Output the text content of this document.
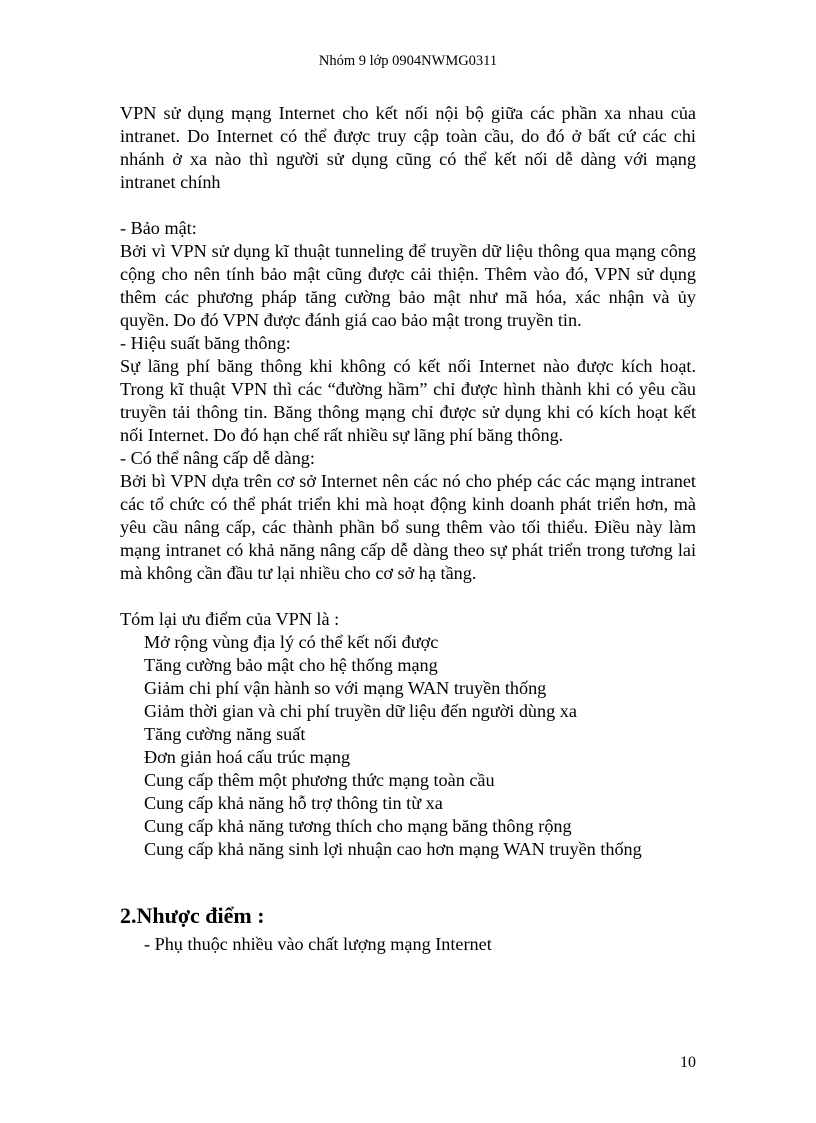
Nhóm 9 lớp 0904NWMG0311

VPN sử dụng mạng Internet cho kết nối nội bộ giữa các phần xa nhau của intranet. Do Internet có thể được truy cập toàn cầu, do đó ở bất cứ các chi nhánh ở xa nào thì người sử dụng cũng có thể kết nối dễ dàng với mạng intranet chính

- Bảo mật:

Bởi vì VPN sử dụng kĩ thuật tunneling để truyền dữ liệu thông qua mạng công cộng cho nên tính bảo mật cũng được cải thiện. Thêm vào đó, VPN sử dụng thêm các phương pháp tăng cường bảo mật như mã hóa, xác nhận và ủy quyền. Do đó VPN được đánh giá cao bảo mật trong truyền tin.

- Hiệu suất băng thông:

Sự lãng phí băng thông khi không có kết nối Internet nào được kích hoạt. Trong kĩ thuật VPN thì các “đường hầm” chỉ được hình thành khi có yêu cầu truyền tải thông tin. Băng thông mạng chỉ được sử dụng khi có kích hoạt kết nối Internet. Do đó hạn chế rất nhiều sự lãng phí băng thông.

- Có thể nâng cấp dễ dàng:

Bởi bì VPN dựa trên cơ sở Internet nên các nó cho phép các các mạng intranet các tổ chức có thể phát triển khi mà hoạt động kinh doanh phát triển hơn, mà yêu cầu nâng cấp, các thành phần bổ sung thêm vào tối thiểu. Điều này làm mạng intranet có khả năng nâng cấp dễ dàng theo sự phát triển trong tương lai mà không cần đầu tư lại nhiều cho cơ sở hạ tầng.

Tóm lại ưu điểm của VPN là :

Mở rộng vùng địa lý có thể kết nối được
Tăng cường bảo mật cho hệ thống mạng
Giảm chi phí vận hành so với mạng WAN truyền thống
Giảm thời gian và chi phí truyền dữ liệu đến người dùng xa
Tăng cường năng suất
Đơn giản hoá cấu trúc mạng
Cung cấp thêm một phương thức mạng toàn cầu
Cung cấp khả năng hỗ trợ thông tin từ xa
Cung cấp khả năng tương thích cho mạng băng thông rộng
Cung cấp khả năng sinh lợi nhuận cao hơn mạng WAN truyền thống
2.Nhược điểm :

- Phụ thuộc nhiều vào chất lượng mạng Internet

10
